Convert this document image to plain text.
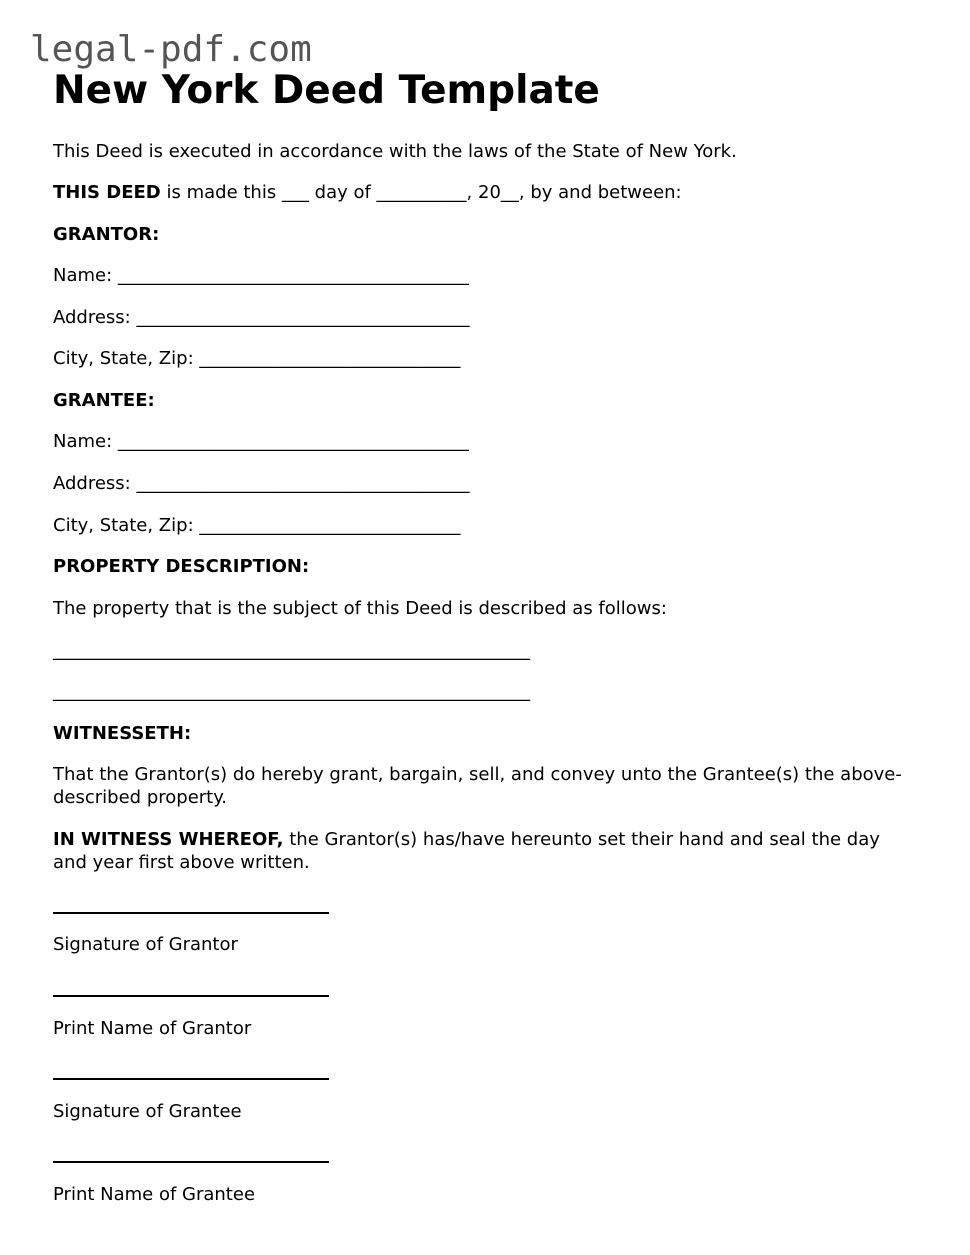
legal-pdf.com
New York Deed Template
This Deed is executed in accordance with the laws of the State of New York.
THIS DEED is made this ___ day of __________, 20__, by and between:
GRANTOR:
Name: _______________________________________
Address: _____________________________________
City, State, Zip: _____________________________
GRANTEE:
Name: _______________________________________
Address: _____________________________________
City, State, Zip: _____________________________
PROPERTY DESCRIPTION:
The property that is the subject of this Deed is described as follows:
_____________________________________________________
_____________________________________________________
WITNESSETH:
That the Grantor(s) do hereby grant, bargain, sell, and convey unto the Grantee(s) the above-described property.
IN WITNESS WHEREOF, the Grantor(s) has/have hereunto set their hand and seal the day and year first above written.
Signature of Grantor
Print Name of Grantor
Signature of Grantee
Print Name of Grantee
